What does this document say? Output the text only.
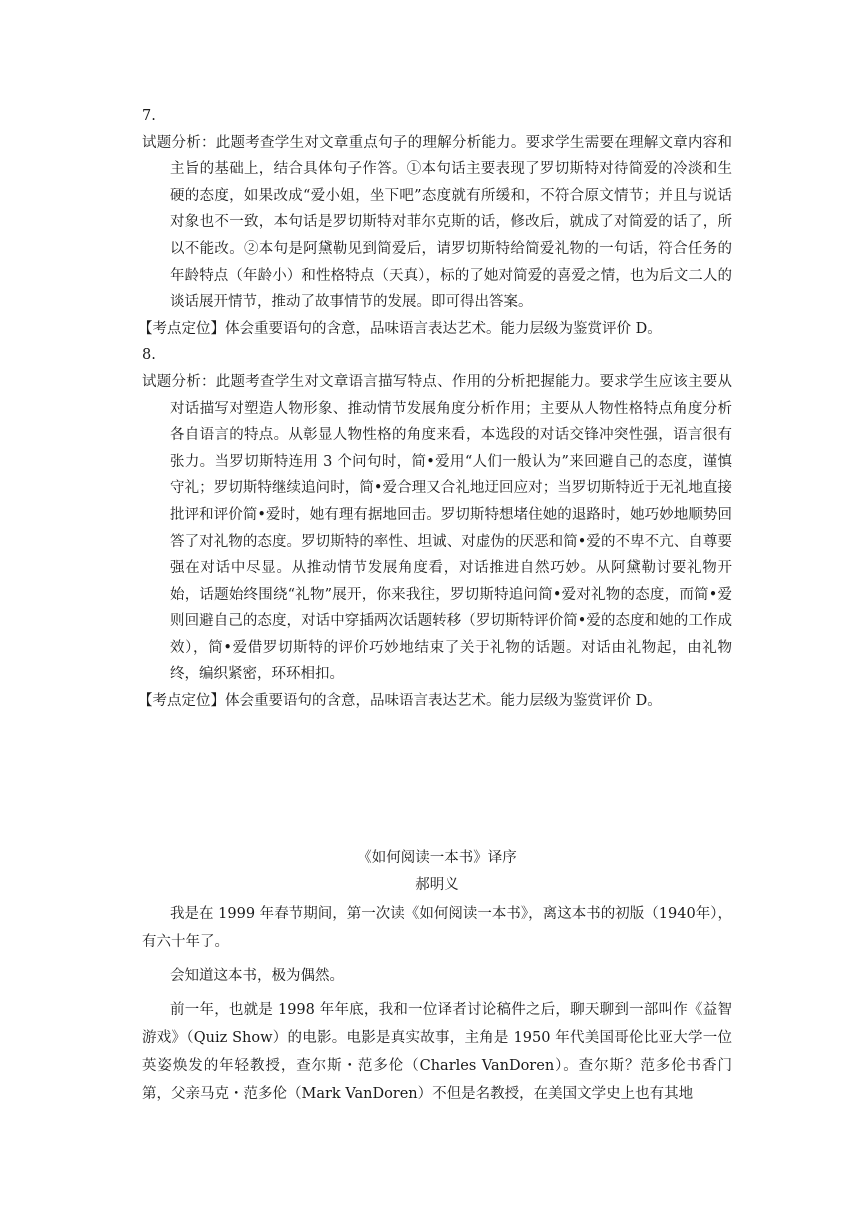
7.

试题分析：此题考查学生对文章重点句子的理解分析能力。要求学生需要在理解文章内容和主旨的基础上，结合具体句子作答。①本句话主要表现了罗切斯特对待简爱的冷淡和生硬的态度，如果改成“爱小姐，坐下吧”态度就有所缓和，不符合原文情节；并且与说话对象也不一致，本句话是罗切斯特对菲尔克斯的话，修改后，就成了对简爱的话了，所以不能改。②本句是阿黛勒见到简爱后，请罗切斯特给简爱礼物的一句话，符合任务的年龄特点（年龄小）和性格特点（天真），标的了她对简爱的喜爱之情，也为后文二人的谈话展开情节，推动了故事情节的发展。即可得出答案。

【考点定位】体会重要语句的含意，品味语言表达艺术。能力层级为鉴赏评价 D。

8.

试题分析：此题考查学生对文章语言描写特点、作用的分析把握能力。要求学生应该主要从对话描写对塑造人物形象、推动情节发展角度分析作用；主要从人物性格特点角度分析各自语言的特点。从彰显人物性格的角度来看，本选段的对话交锋冲突性强，语言很有张力。当罗切斯特连用 3 个问句时，简•爱用“人们一般认为”来回避自己的态度，谨慎守礼；罗切斯特继续追问时，简•爱合理又合礼地迂回应对；当罗切斯特近于无礼地直接批评和评价简•爱时，她有理有据地回击。罗切斯特想堵住她的退路时，她巧妙地顺势回答了对礼物的态度。罗切斯特的率性、坦诚、对虚伪的厌恶和简•爱的不卑不亢、自尊要强在对话中尽显。从推动情节发展角度看，对话推进自然巧妙。从阿黛勒讨要礼物开始，话题始终围绕“礼物”展开，你来我往，罗切斯特追问简•爱对礼物的态度，而简•爱则回避自己的态度，对话中穿插两次话题转移（罗切斯特评价简•爱的态度和她的工作成效），简•爱借罗切斯特的评价巧妙地结束了关于礼物的话题。对话由礼物起，由礼物终，编织紧密，环环相扣。

【考点定位】体会重要语句的含意，品味语言表达艺术。能力层级为鉴赏评价 D。

《如何阅读一本书》译序

郝明义

我是在 1999 年春节期间，第一次读《如何阅读一本书》，离这本书的初版（1940年），有六十年了。

会知道这本书，极为偶然。

前一年，也就是 1998 年年底，我和一位译者讨论稿件之后，聊天聊到一部叫作《益智游戏》（Quiz Show）的电影。电影是真实故事，主角是 1950 年代美国哥伦比亚大学一位英姿焕发的年轻教授，查尔斯・范多伦（Charles VanDoren）。查尔斯？范多伦书香门第，父亲马克・范多伦（Mark VanDoren）不但是名教授，在美国文学史上也有其地
